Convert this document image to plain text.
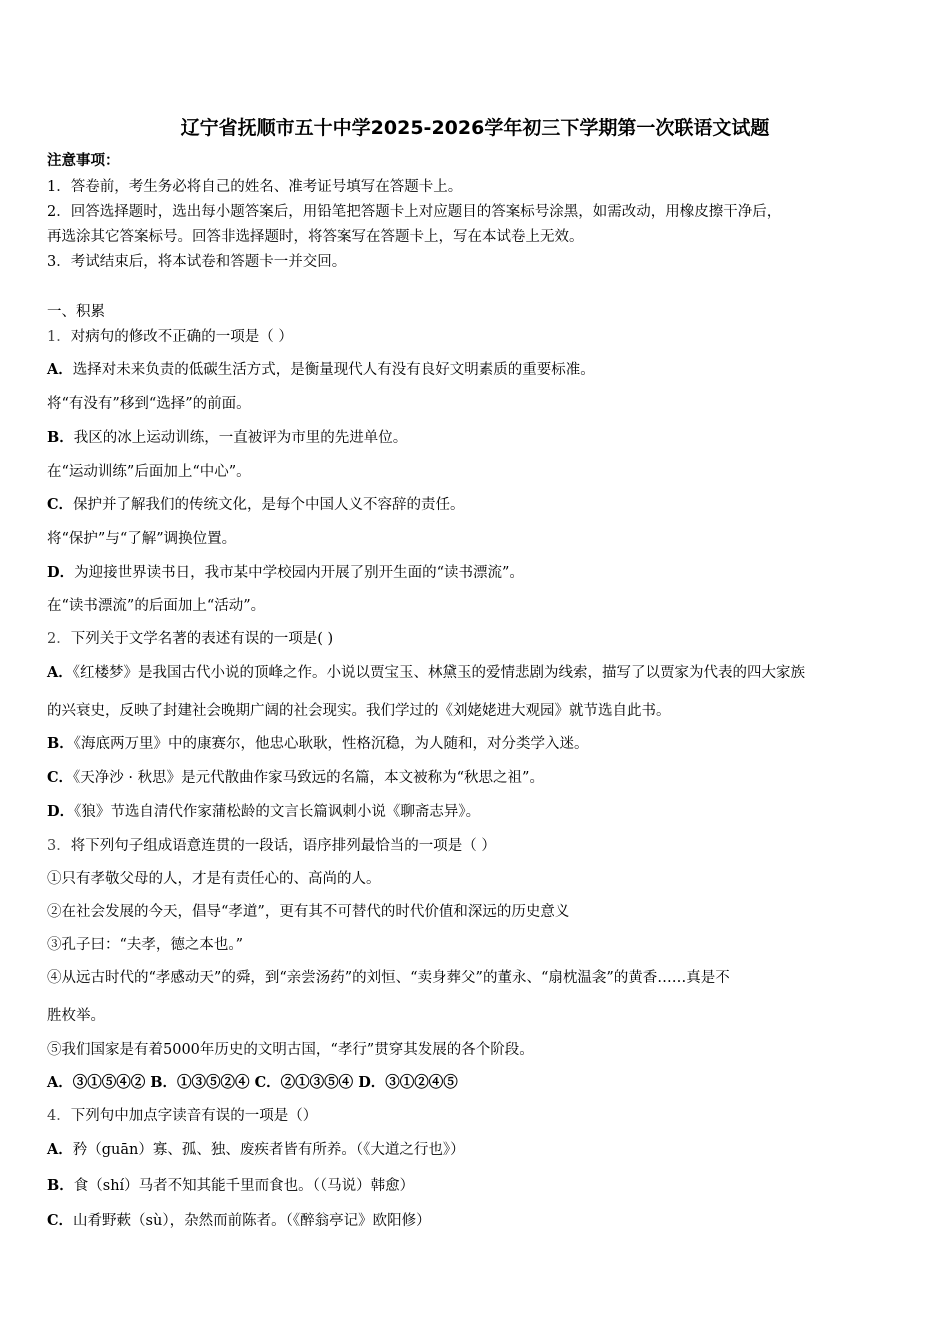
辽宁省抚顺市五十中学2025-2026学年初三下学期第一次联语文试题
注意事项：
1．答卷前，考生务必将自己的姓名、准考证号填写在答题卡上。
2．回答选择题时，选出每小题答案后，用铅笔把答题卡上对应题目的答案标号涂黑，如需改动，用橡皮擦干净后，
再选涂其它答案标号。回答非选择题时，将答案写在答题卡上，写在本试卷上无效。
3．考试结束后，将本试卷和答题卡一并交回。
一、积累
1．对病句的修改不正确的一项是（ ）
A．选择对未来负责的低碳生活方式，是衡量现代人有没有良好文明素质的重要标准。
将“有没有”移到“选择”的前面。
B．我区的冰上运动训练，一直被评为市里的先进单位。
在“运动训练”后面加上“中心”。
C．保护并了解我们的传统文化，是每个中国人义不容辞的责任。
将“保护”与“了解”调换位置。
D．为迎接世界读书日，我市某中学校园内开展了别开生面的“读书漂流”。
在“读书漂流”的后面加上“活动”。
2．下列关于文学名著的表述有误的一项是( )
A．《红楼梦》是我国古代小说的顶峰之作。小说以贾宝玉、林黛玉的爱情悲剧为线索，描写了以贾家为代表的四大家族
的兴衰史，反映了封建社会晚期广阔的社会现实。我们学过的《刘姥姥进大观园》就节选自此书。
B．《海底两万里》中的康赛尔，他忠心耿耿，性格沉稳，为人随和，对分类学入迷。
C．《天净沙 · 秋思》是元代散曲作家马致远的名篇，本文被称为“秋思之祖”。
D．《狼》节选自清代作家蒲松龄的文言长篇讽刺小说《聊斋志异》。
3．将下列句子组成语意连贯的一段话，语序排列最恰当的一项是（ ）
①只有孝敬父母的人，才是有责任心的、高尚的人。
②在社会发展的今天，倡导“孝道”，更有其不可替代的时代价值和深远的历史意义
③孔子曰：“夫孝，德之本也。”
④从远古时代的“孝感动天”的舜，到“亲尝汤药”的刘恒、“卖身葬父”的董永、“扇枕温衾”的黄香……真是不
胜枚举。
⑤我们国家是有着5000年历史的文明古国，“孝行”贯穿其发展的各个阶段。
A．③①⑤④② B．①③⑤②④ C．②①③⑤④ D．③①②④⑤
4．下列句中加点字读音有误的一项是（）
A．矜（guān）寡、孤、独、废疾者皆有所养。（《大道之行也》）
B．食（shí）马者不知其能千里而食也。（（马说）韩愈）
C．山肴野蔌（sù），杂然而前陈者。（《醉翁亭记》欧阳修）
